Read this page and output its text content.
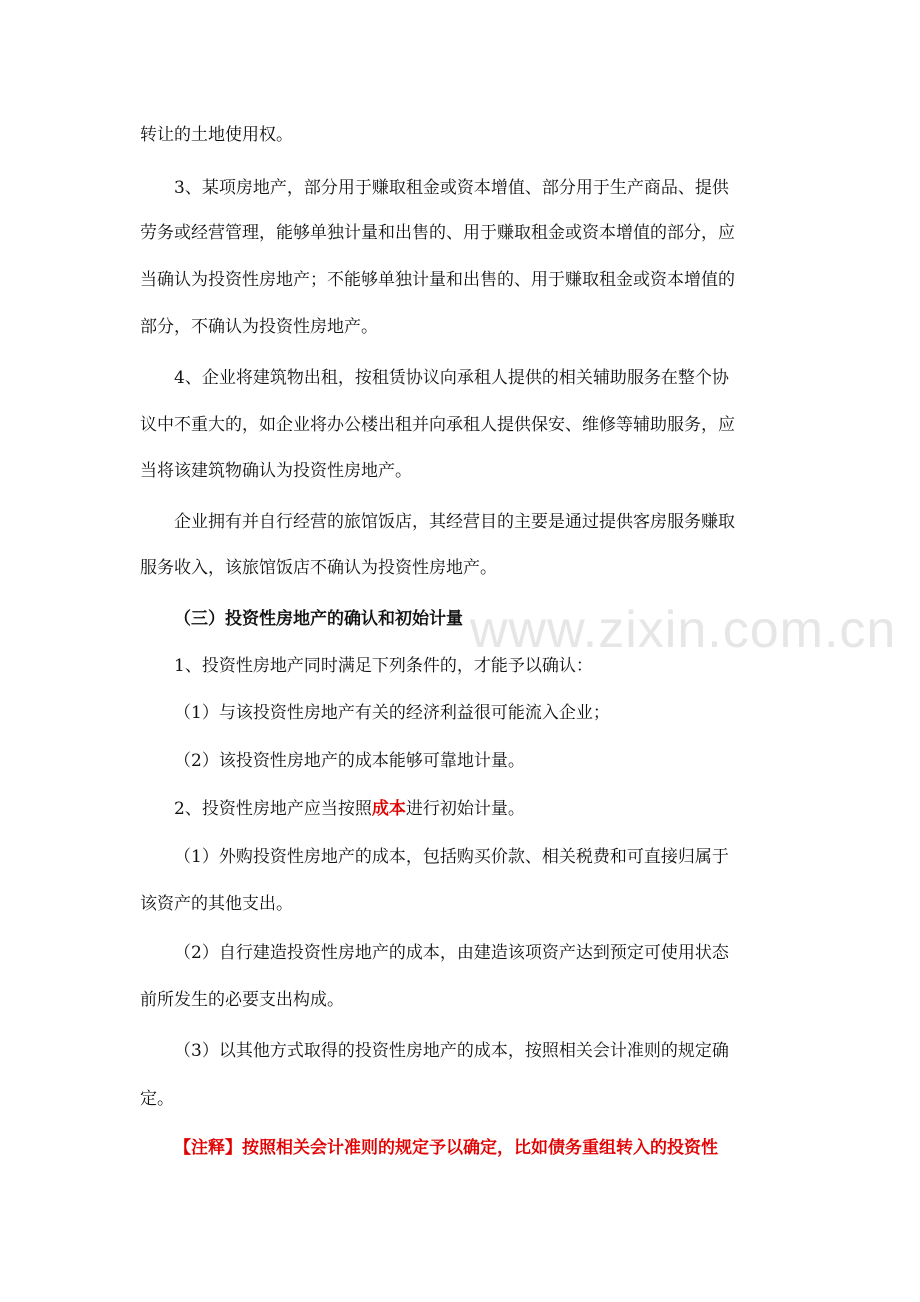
www.zixin.com.cn
转让的土地使用权。
3、某项房地产，部分用于赚取租金或资本增值、部分用于生产商品、提供
劳务或经营管理，能够单独计量和出售的、用于赚取租金或资本增值的部分，应
当确认为投资性房地产；不能够单独计量和出售的、用于赚取租金或资本增值的
部分，不确认为投资性房地产。
4、企业将建筑物出租，按租赁协议向承租人提供的相关辅助服务在整个协
议中不重大的，如企业将办公楼出租并向承租人提供保安、维修等辅助服务，应
当将该建筑物确认为投资性房地产。
企业拥有并自行经营的旅馆饭店，其经营目的主要是通过提供客房服务赚取
服务收入，该旅馆饭店不确认为投资性房地产。
（三）投资性房地产的确认和初始计量
1、投资性房地产同时满足下列条件的，才能予以确认：
（1）与该投资性房地产有关的经济利益很可能流入企业；
（2）该投资性房地产的成本能够可靠地计量。
2、投资性房地产应当按照成本进行初始计量。
（1）外购投资性房地产的成本，包括购买价款、相关税费和可直接归属于
该资产的其他支出。
（2）自行建造投资性房地产的成本，由建造该项资产达到预定可使用状态
前所发生的必要支出构成。
（3）以其他方式取得的投资性房地产的成本，按照相关会计准则的规定确
定。
【注释】按照相关会计准则的规定予以确定，比如债务重组转入的投资性
